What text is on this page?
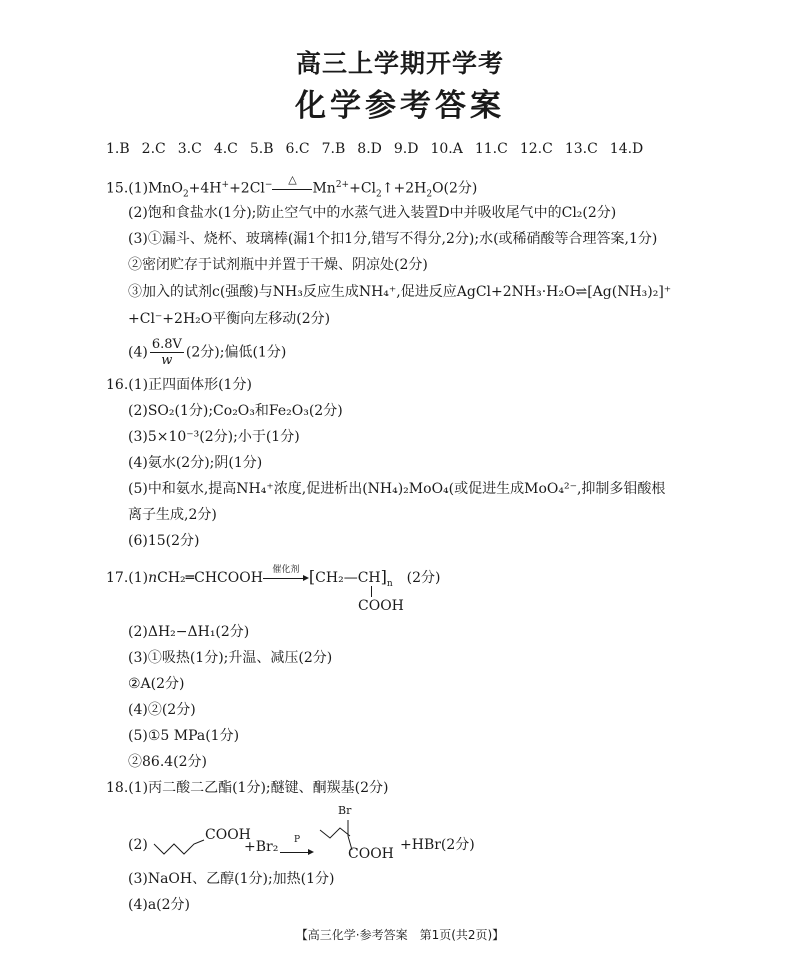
高三上学期开学考
化学参考答案
1.B 2.C 3.C 4.C 5.B 6.C 7.B 8.D 9.D 10.A 11.C 12.C 13.C 14.D
15.(1)MnO$_2$+4H++2Cl−	△
$Mn^{2+}+Cl_2↑+2H_2O(2$分)
(2)饱和食盐水(1分);防止空气中的水蒸气进入装置D中并吸收尾气中的Cl₂(2分)
(3)①漏斗、烧杯、玻璃棒(漏1个扣1分,错写不得分,2分);水(或稀硝酸等合理答案,1分)
②密闭贮存于试剂瓶中并置于干燥、阴凉处(2分)
③加入的试剂c(强酸)与NH₃反应生成NH₄⁺,促进反应AgCl+2NH₃·H₂O⇌[Ag(NH₃)₂]⁺
+Cl⁻+2H₂O平衡向左移动(2分)
$(4) \frac{6.8V}{w} (2$分);偏低(1分)
16.(1)正四面体形(1分)
(2)SO₂(1分);Co₂O₃和Fe₂O₃(2分)
(3)5×10⁻³(2分);小于(1分)
(4)氨水(2分);阴(1分)
(5)中和氨水,提高NH₄⁺浓度,促进析出(NH₄)₂MoO₄(或促进生成MoO₄²⁻,抑制多钼酸根
离子生成,2分)
(6)15(2分)
17.(1)nCH₂═CHCOOH	催化剂 $[CH_2—CH]_n$ (2分)
COOH
(2)ΔH₂−ΔH₁(2分)
(3)①吸热(1分);升温、减压(2分)
②A(2分)
(4)②(2分)
(5)①5 MPa(1分)
②86.4(2分)
18.(1)丙二酸二乙酯(1分);醚键、酮羰基(2分)
(2)
COOH
+Br₂	P
Br
COOH
+HBr(2分)
(3)NaOH、乙醇(1分);加热(1分)
(4)a(2分)
【高三化学·参考答案　第1页(共2页)】
